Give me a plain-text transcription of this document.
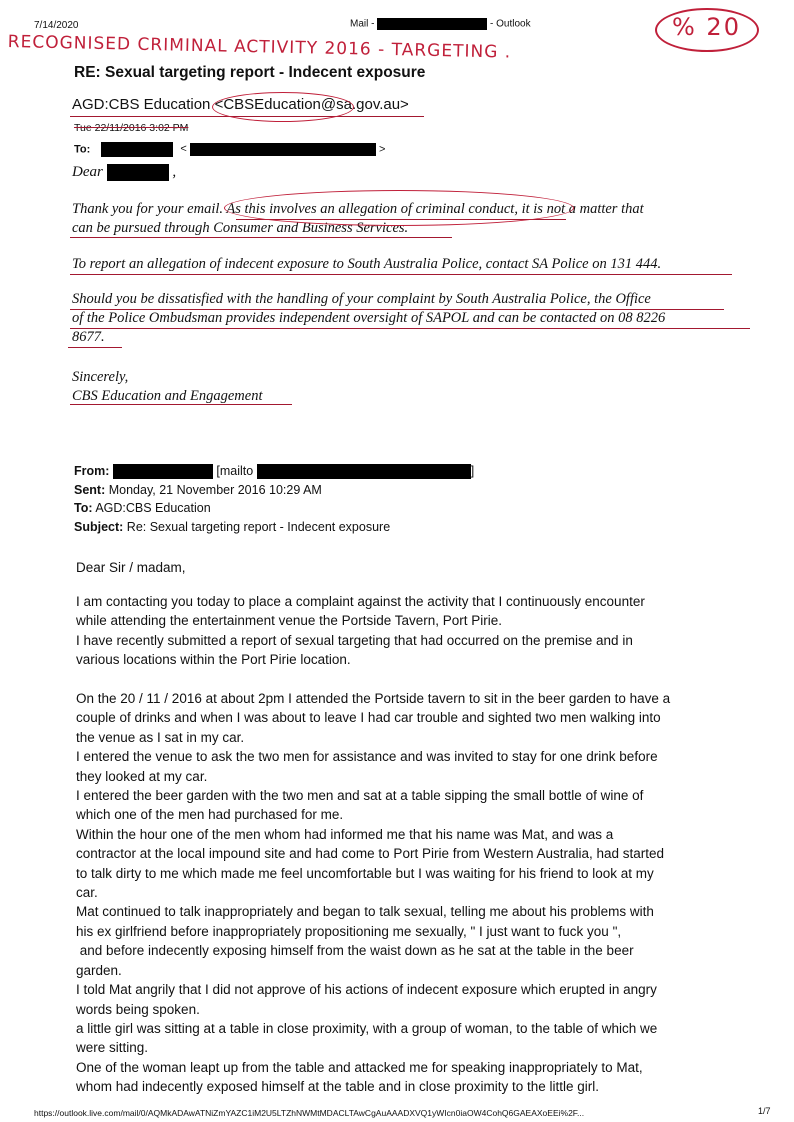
7/14/2020	Mail -	- Outlook
RECOGNISED CRIMINAL ACTIVITY 2016 - TARGETING .
% 20
RE: Sexual targeting report - Indecent exposure
AGD:CBS Education <CBSEducation@sa.gov.au>
Tue 22/11/2016 3:02 PM
To:	<	>
Dear	,
Thank you for your email. As this involves an allegation of criminal conduct, it is not a matter that
can be pursued through Consumer and Business Services.
To report an allegation of indecent exposure to South Australia Police, contact SA Police on 131 444.
Should you be dissatisfied with the handling of your complaint by South Australia Police, the Office
of the Police Ombudsman provides independent oversight of SAPOL and can be contacted on 08 8226
8677.
Sincerely,
CBS Education and Engagement
From:	[mailto	]
Sent: Monday, 21 November 2016 10:29 AM
To: AGD:CBS Education
Subject: Re: Sexual targeting report - Indecent exposure
Dear Sir / madam,
I am contacting you today to place a complaint against the activity that I continuously encounter
while attending the entertainment venue the Portside Tavern, Port Pirie.
I have recently submitted a report of sexual targeting that had occurred on the premise and in
various locations within the Port Pirie location.
On the 20 / 11 / 2016 at about 2pm I attended the Portside tavern to sit in the beer garden to have a
couple of drinks and when I was about to leave I had car trouble and sighted two men walking into
the venue as I sat in my car.
I entered the venue to ask the two men for assistance and was invited to stay for one drink before
they looked at my car.
I entered the beer garden with the two men and sat at a table sipping the small bottle of wine of
which one of the men had purchased for me.
Within the hour one of the men whom had informed me that his name was Mat, and was a
contractor at the local impound site and had come to Port Pirie from Western Australia, had started
to talk dirty to me which made me feel uncomfortable but I was waiting for his friend to look at my
car.
Mat continued to talk inappropriately and began to talk sexual, telling me about his problems with
his ex girlfriend before inappropriately propositioning me sexually, " I just want to fuck you ",
and before indecently exposing himself from the waist down as he sat at the table in the beer
garden.
I told Mat angrily that I did not approve of his actions of indecent exposure which erupted in angry
words being spoken.
a little girl was sitting at a table in close proximity, with a group of woman, to the table of which we
were sitting.
One of the woman leapt up from the table and attacked me for speaking inappropriately to Mat,
whom had indecently exposed himself at the table and in close proximity to the little girl.
https://outlook.live.com/mail/0/AQMkADAwATNiZmYAZC1iM2U5LTZhNWMtMDACLTAwCgAuAAADXVQ1yWIcn0iaOW4CohQ6GAEAXoEEi%2F...	1/7
